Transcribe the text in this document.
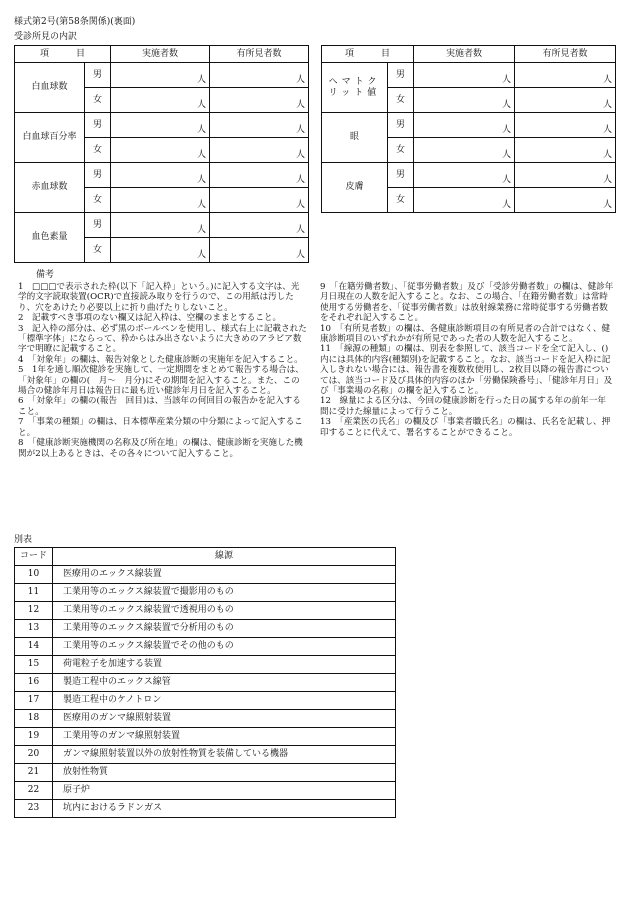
様式第2号(第58条関係)(裏面)
受診所見の内訳
項　　　目		実施者数	有所見者数
白血球数	男	人	人
	女	人	人
白血球百分率	男	人	人
	女	人	人
赤血球数	男	人	人
	女	人	人
血色素量	男	人	人
	女	人	人
項　　　目		実施者数	有所見者数
ヘマトクリット値	男	人	人
	女	人	人
眼	男	人	人
	女	人	人
皮膚	男	人	人
	女	人	人
備考

1　□□□で表示された枠(以下「記入枠」という。)に記入する文字は、光学的文字読取装置(OCR)で直接読み取りを行うので、この用紙は汚したり、穴をあけたり必要以上に折り曲げたりしないこと。

2　記載すべき事項のない欄又は記入枠は、空欄のままとすること。

3　記入枠の部分は、必ず黒のボールペンを使用し、様式右上に記載された「標準字体」にならって、枠からはみ出さないように大きめのアラビア数字で明瞭に記載すること。

4　「対象年」の欄は、報告対象とした健康診断の実施年を記入すること。

5　1年を通し順次健診を実施して、一定期間をまとめて報告する場合は、「対象年」の欄の(　月～　月分)にその期間を記入すること。また、この場合の健診年月日は報告日に最も近い健診年月日を記入すること。

6　「対象年」の欄の(報告　回目)は、当該年の何回目の報告かを記入すること。

7　「事業の種類」の欄は、日本標準産業分類の中分類によって記入すること。

8　「健康診断実施機関の名称及び所在地」の欄は、健康診断を実施した機関が2以上あるときは、その各々について記入すること。

9　「在籍労働者数」、「従事労働者数」及び「受診労働者数」の欄は、健診年月日現在の人数を記入すること。なお、この場合、「在籍労働者数」は常時使用する労働者を、「従事労働者数」は放射線業務に常時従事する労働者数をそれぞれ記入すること。

10　「有所見者数」の欄は、各健康診断項目の有所見者の合計ではなく、健康診断項目のいずれかが有所見であった者の人数を記入すること。

11　「線源の種類」の欄は、別表を参照して、該当コードを全て記入し、()内には具体的内容(種類別)を記載すること。なお、該当コードを記入枠に記入しきれない場合には、報告書を複数枚使用し、2枚目以降の報告書については、該当コード及び具体的内容のほか「労働保険番号」、「健診年月日」及び「事業場の名称」の欄を記入すること。

12　線量による区分は、今回の健康診断を行った日の属する年の前年一年間に受けた線量によって行うこと。

13　「産業医の氏名」の欄及び「事業者職氏名」の欄は、氏名を記載し、押印することに代えて、署名することができること。

別表
コード	線源
10	医療用のエックス線装置
11	工業用等のエックス線装置で撮影用のもの
12	工業用等のエックス線装置で透視用のもの
13	工業用等のエックス線装置で分析用のもの
14	工業用等のエックス線装置でその他のもの
15	荷電粒子を加速する装置
16	製造工程中のエックス線管
17	製造工程中のケノトロン
18	医療用のガンマ線照射装置
19	工業用等のガンマ線照射装置
20	ガンマ線照射装置以外の放射性物質を装備している機器
21	放射性物質
22	原子炉
23	坑内におけるラドンガス
